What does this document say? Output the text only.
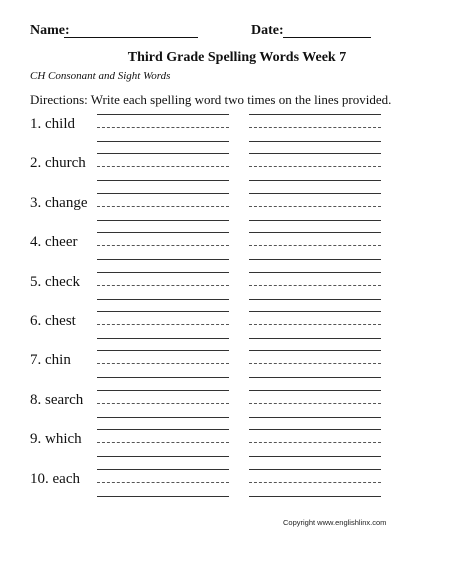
Name:	Date:
Third Grade Spelling Words Week 7
CH Consonant and Sight Words
Directions: Write each spelling word two times on the lines provided.
1. child
2. church
3. change
4. cheer
5. check
6. chest
7. chin
8. search
9. which
10. each
Copyright www.englishlinx.com
